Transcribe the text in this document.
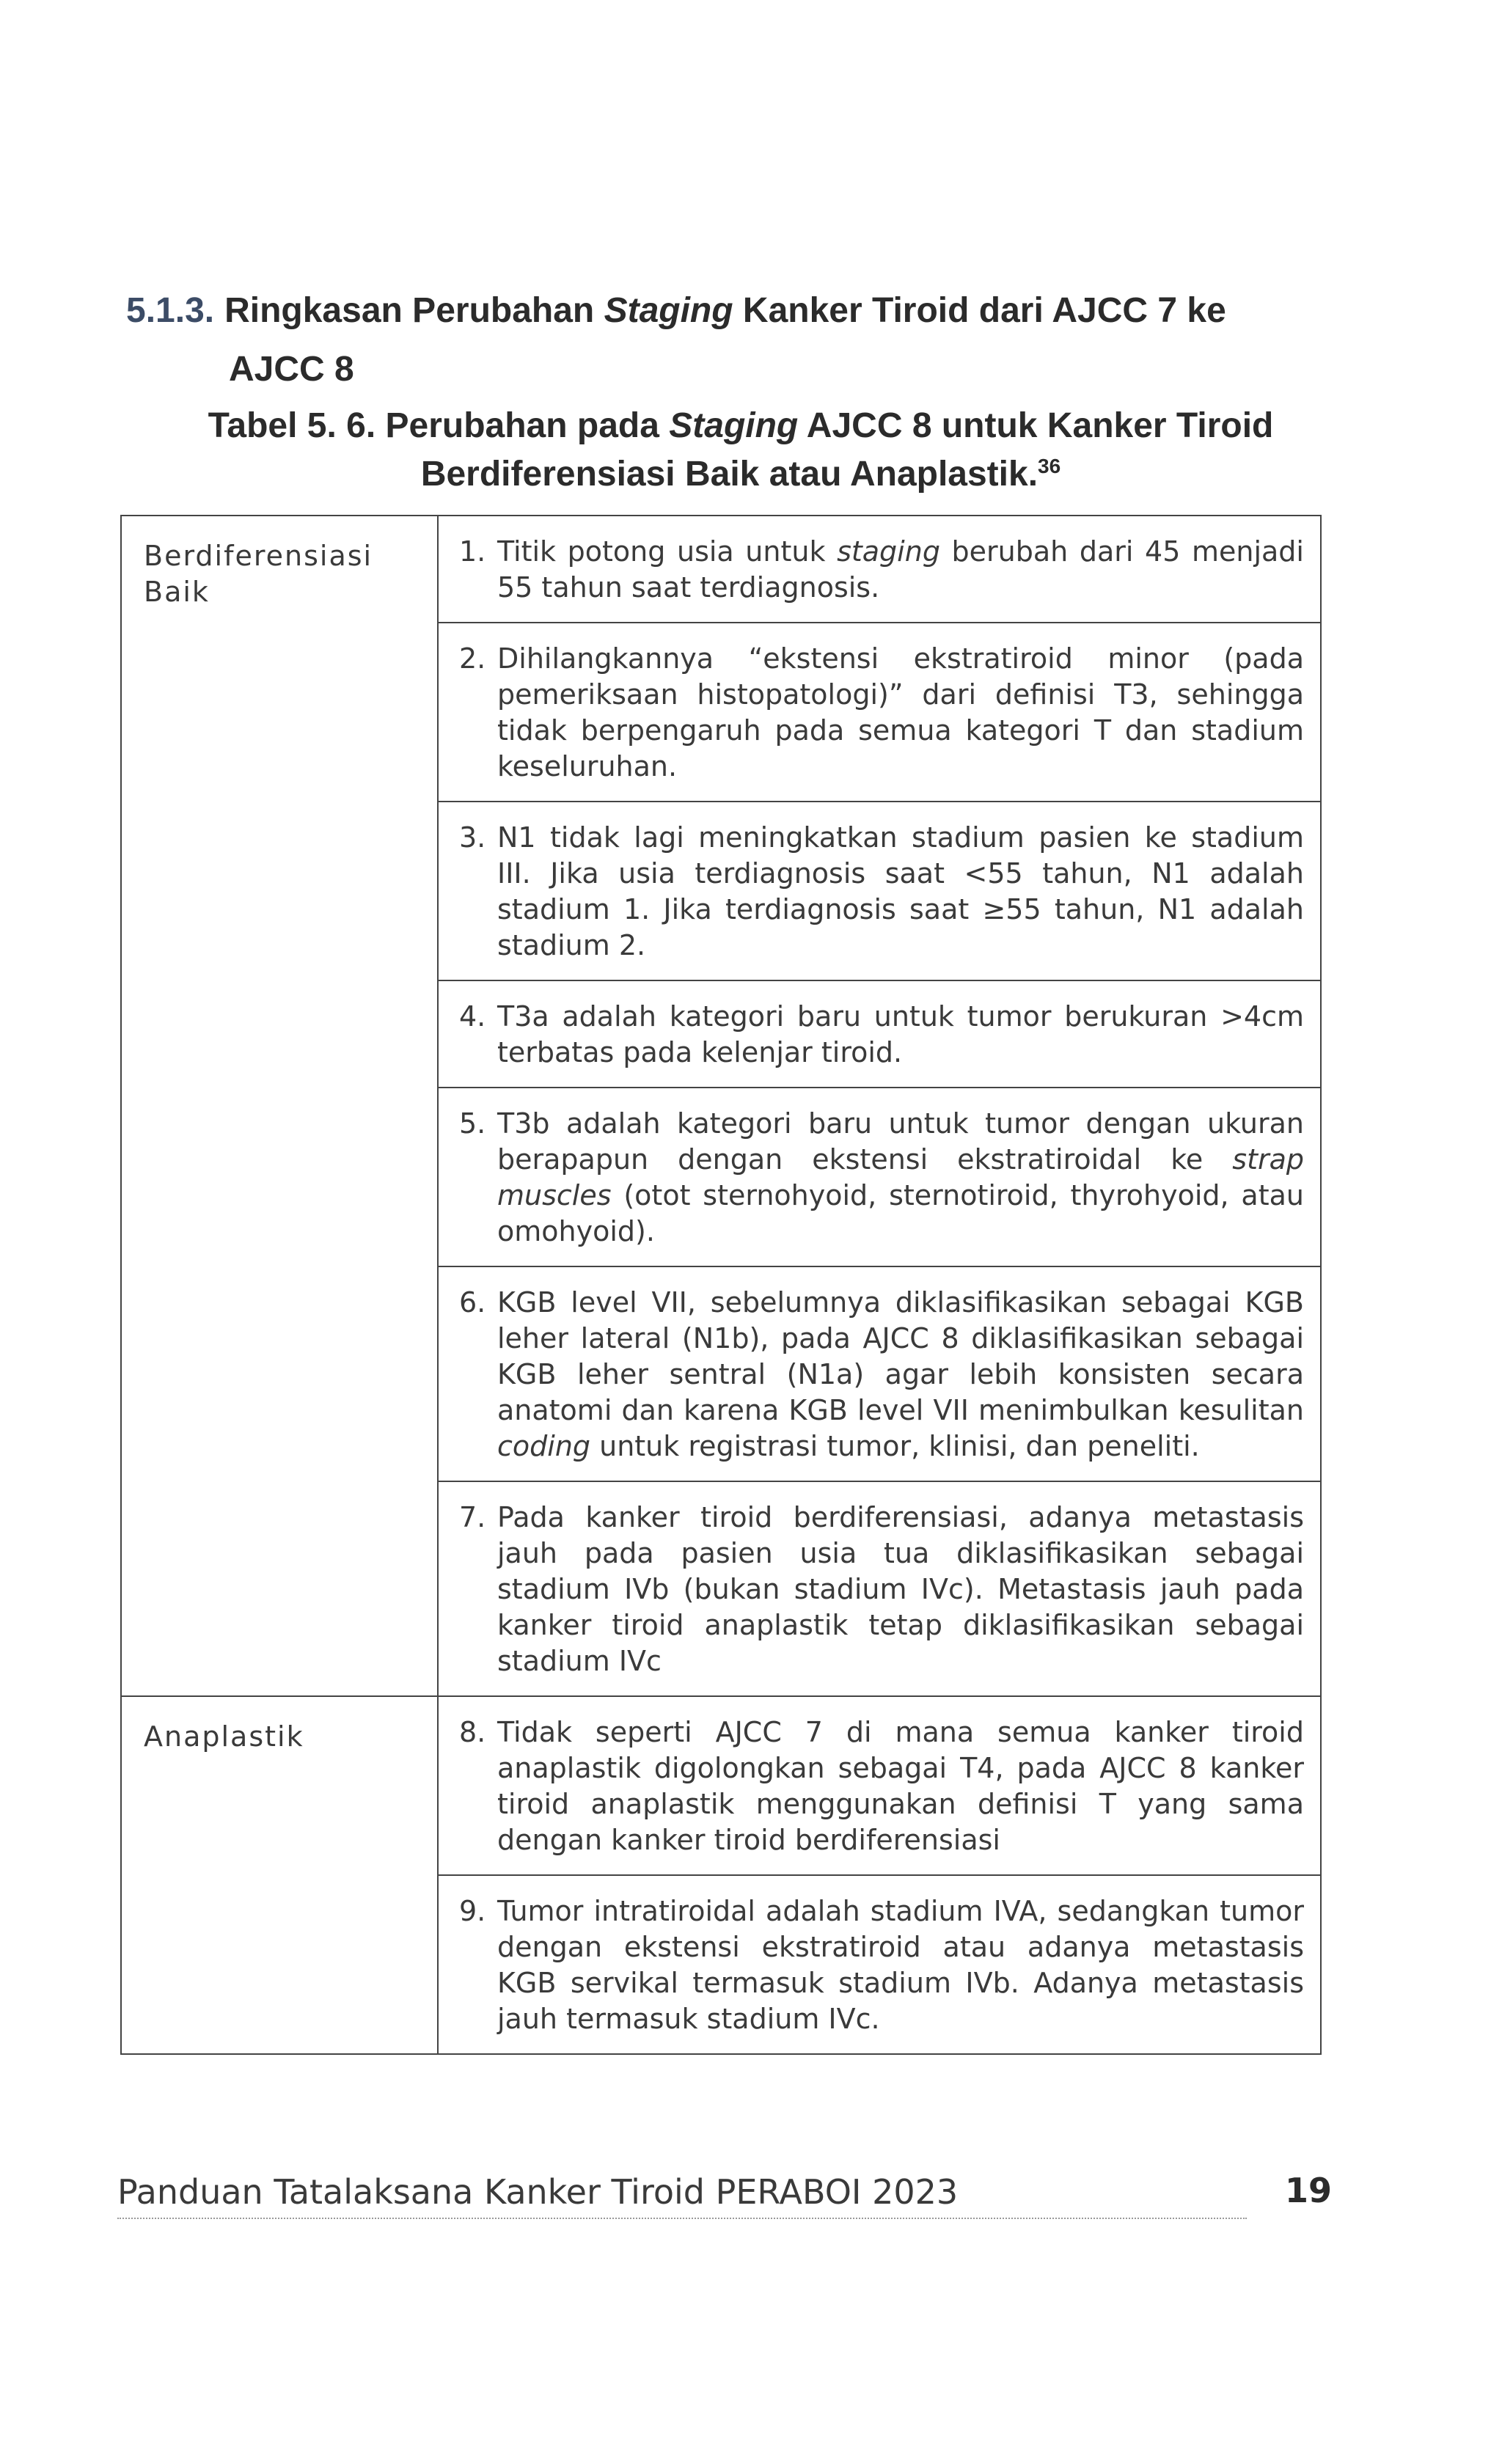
5.1.3. Ringkasan Perubahan Staging Kanker Tiroid dari AJCC 7 ke
AJCC 8
Tabel 5. 6. Perubahan pada Staging AJCC 8 untuk Kanker Tiroid
Berdiferensiasi Baik atau Anaplastik.$^{36}$
Berdiferensiasi
Baik	1. Titik potong usia untuk staging berubah dari 45 menjadi 55 tahun saat terdiagnosis.

	2. Dihilangkannya “ekstensi ekstratiroid minor (pada pemeriksaan histopatologi)” dari definisi T3, sehingga tidak berpengaruh pada semua kategori T dan stadium keseluruhan.

	3. N1 tidak lagi meningkatkan stadium pasien ke stadium III. Jika usia terdiagnosis saat <55 tahun, N1 adalah stadium 1. Jika terdiagnosis saat ≥55 tahun, N1 adalah stadium 2.

	4. T3a adalah kategori baru untuk tumor berukuran >4cm terbatas pada kelenjar tiroid.

	5. T3b adalah kategori baru untuk tumor dengan ukuran berapapun dengan ekstensi ekstratiroidal ke strap muscles (otot sternohyoid, sternotiroid, thyrohyoid, atau omohyoid).

	6. KGB level VII, sebelumnya diklasifikasikan sebagai KGB leher lateral (N1b), pada AJCC 8 diklasifikasikan sebagai KGB leher sentral (N1a) agar lebih konsisten secara anatomi dan karena KGB level VII menimbulkan kesulitan coding untuk registrasi tumor, klinisi, dan peneliti.

	7. Pada kanker tiroid berdiferensiasi, adanya metastasis jauh pada pasien usia tua diklasifikasikan sebagai stadium IVb (bukan stadium IVc). Metastasis jauh pada kanker tiroid anaplastik tetap diklasifikasikan sebagai stadium IVc

Anaplastik	8. Tidak seperti AJCC 7 di mana semua kanker tiroid anaplastik digolongkan sebagai T4, pada AJCC 8 kanker tiroid anaplastik menggunakan definisi T yang sama dengan kanker tiroid berdiferensiasi

	9. Tumor intratiroidal adalah stadium IVA, sedangkan tumor dengan ekstensi ekstratiroid atau adanya metastasis KGB servikal termasuk stadium IVb. Adanya metastasis jauh termasuk stadium IVc.
Panduan Tatalaksana Kanker Tiroid PERABOI 2023	19
